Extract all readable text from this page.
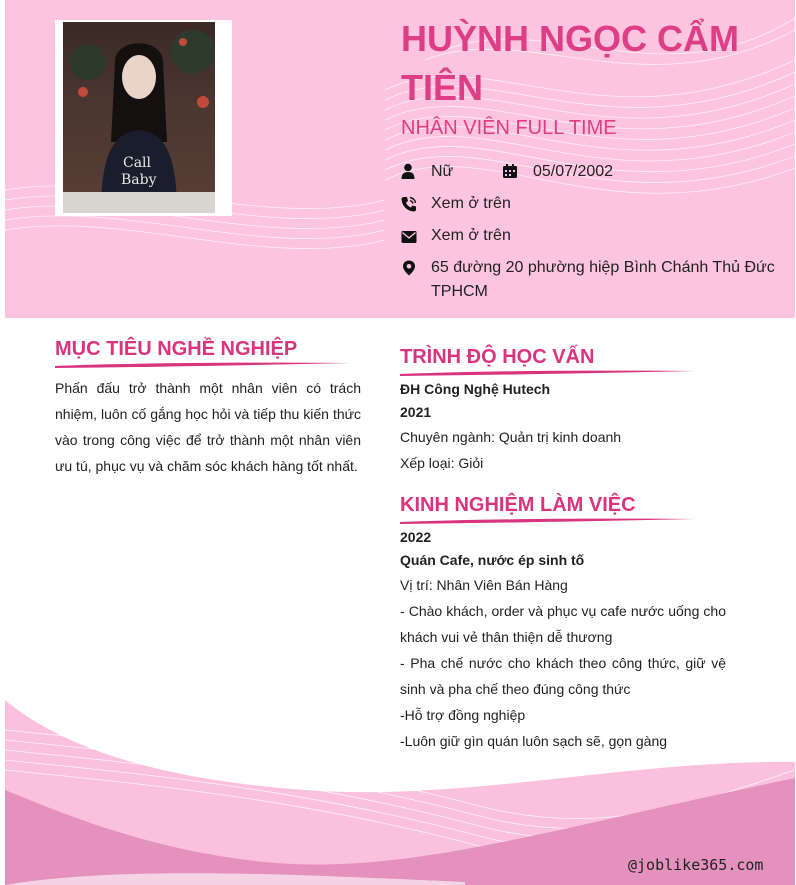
Call
Baby
HUỲNH NGỌC CẨM TIÊN
NHÂN VIÊN FULL TIME
Nữ	05/07/2002
Xem ở trên
Xem ở trên
65 đường 20 phường hiệp Bình Chánh Thủ Đức TPHCM
MỤC TIÊU NGHỀ NGHIỆP
Phấn đấu trở thành một nhân viên có trách nhiệm, luôn cố gắng học hỏi và tiếp thu kiến thức vào trong công việc để trở thành một nhân viên ưu tú, phục vụ và chăm sóc khách hàng tốt nhất.
TRÌNH ĐỘ HỌC VẤN
ĐH Công Nghệ Hutech
2021
Chuyên ngành: Quản trị kinh doanh
Xếp loại: Giỏi
KINH NGHIỆM LÀM VIỆC
2022
Quán Cafe, nước ép sinh tố
Vị trí: Nhân Viên Bán Hàng
- Chào khách, order và phục vụ cafe nước uống cho khách vui vẻ thân thiện dễ thương
- Pha chế nước cho khách theo công thức, giữ vệ sinh và pha chế theo đúng công thức
-Hỗ trợ đồng nghiệp
-Luôn giữ gìn quán luôn sạch sẽ, gọn gàng
@joblike365.com
